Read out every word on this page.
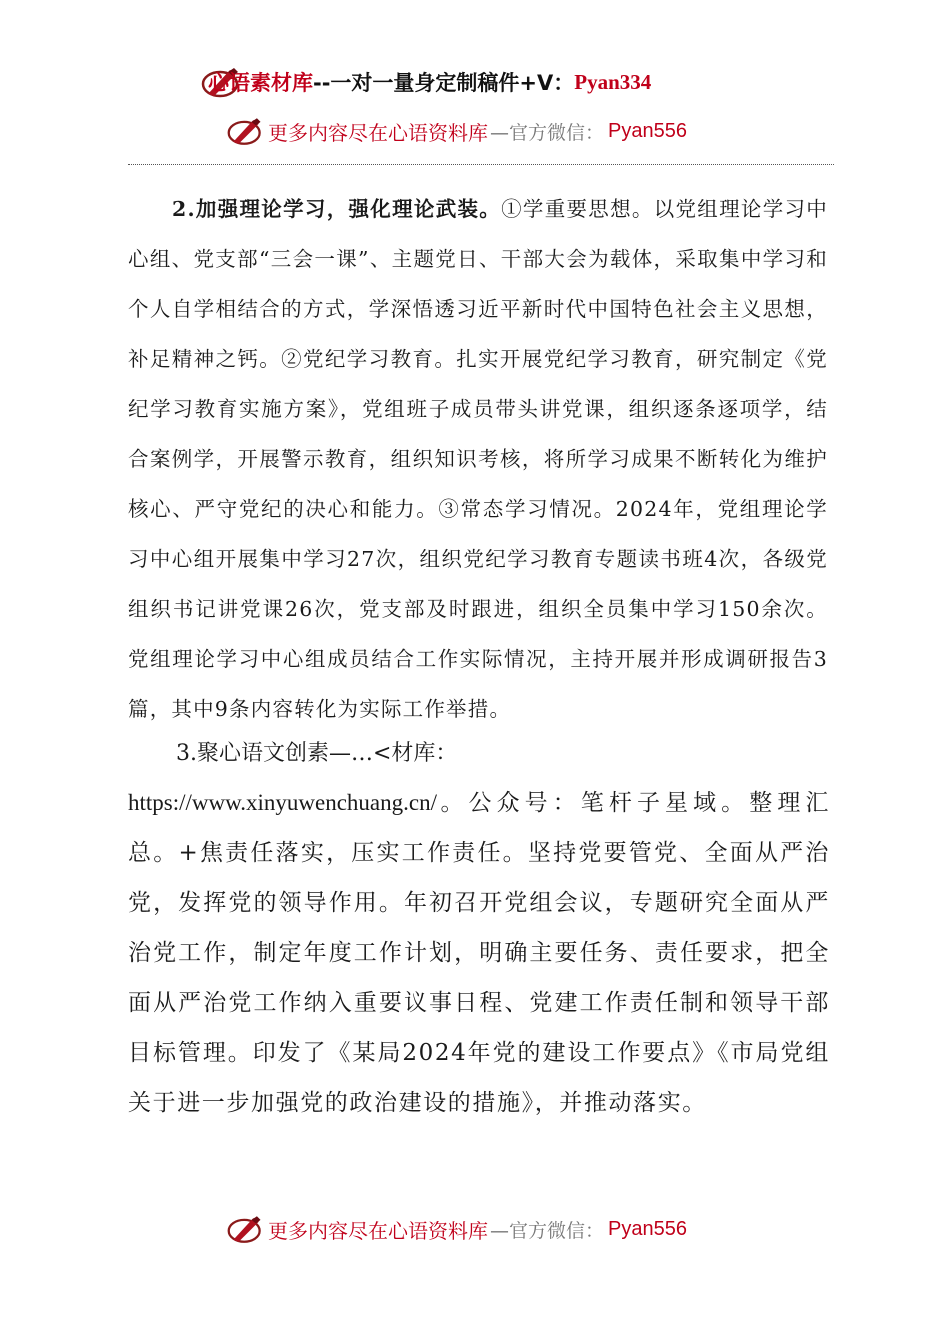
心语素材库 --一对一量身定制稿件+V： Pyan334
更多内容尽在心语资料库 —官方微信： Pyan556

2.加强理论学习，强化理论武装。①学重要思想。以党组理论学习中心组、党支部“三会一课”、主题党日、干部大会为载体，采取集中学习和个人自学相结合的方式，学深悟透习近平新时代中国特色社会主义思想，补足精神之钙。②党纪学习教育。扎实开展党纪学习教育，研究制定《党纪学习教育实施方案》，党组班子成员带头讲党课，组织逐条逐项学，结合案例学，开展警示教育，组织知识考核，将所学习成果不断转化为维护核心、严守党纪的决心和能力。③常态学习情况。2024年，党组理论学习中心组开展集中学习27次，组织党纪学习教育专题读书班4次，各级党组织书记讲党课26次，党支部及时跟进，组织全员集中学习150余次。党组理论学习中心组成员结合工作实际情况，主持开展并形成调研报告3篇，其中9条内容转化为实际工作举措。

3.聚心语文创素—…<材库：

https://www.xinyuwenchuang.cn/。公众号：笔杆子星域。整理汇总。+焦责任落实，压实工作责任。坚持党要管党、全面从严治党，发挥党的领导作用。年初召开党组会议，专题研究全面从严治党工作，制定年度工作计划，明确主要任务、责任要求，把全面从严治党工作纳入重要议事日程、党建工作责任制和领导干部目标管理。印发了《某局2024年党的建设工作要点》《市局党组关于进一步加强党的政治建设的措施》，并推动落实。

更多内容尽在心语资料库 —官方微信： Pyan556
